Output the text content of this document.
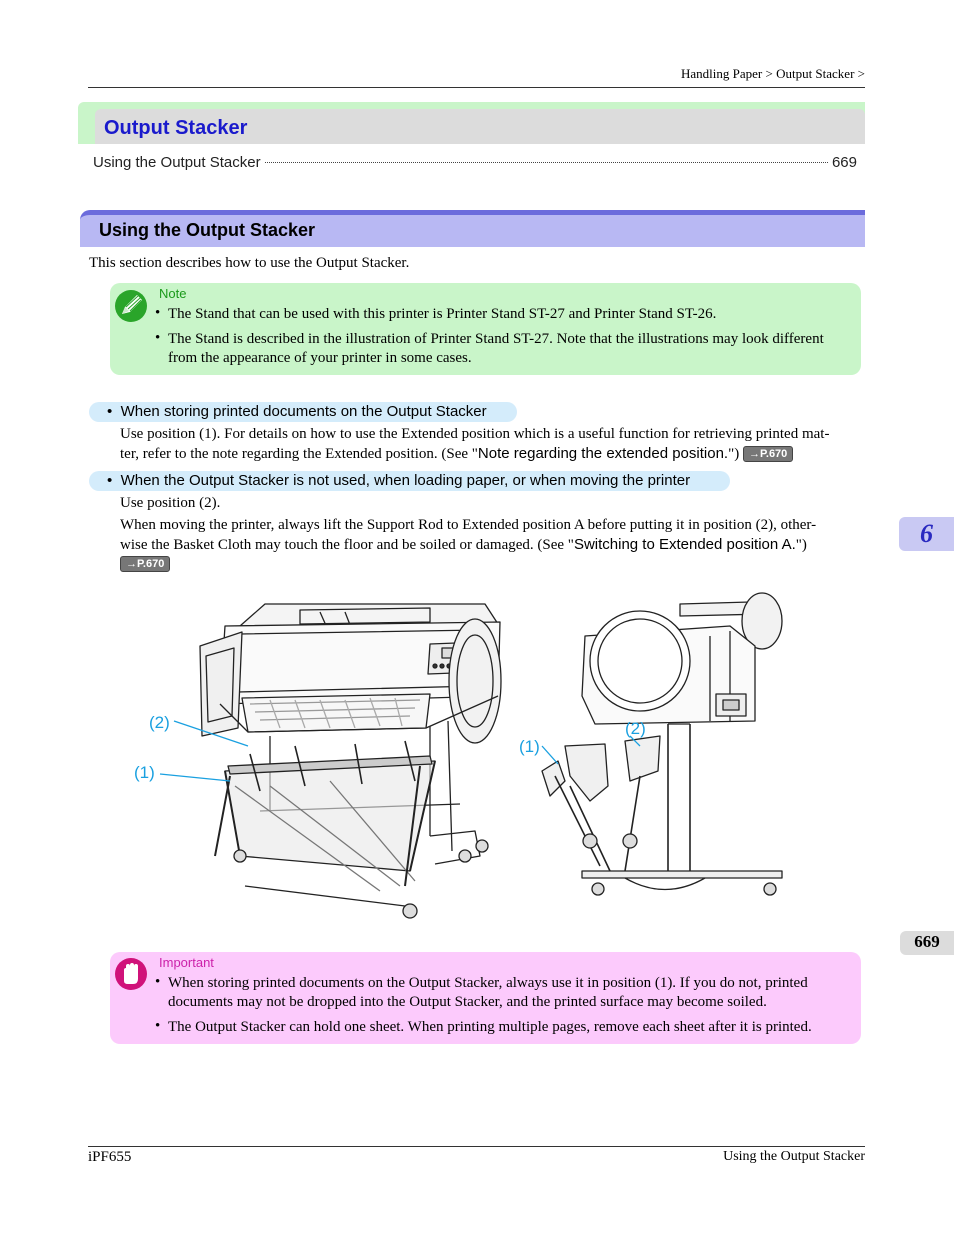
Handling Paper > Output Stacker >
Output Stacker
Using the Output Stacker	669
Using the Output Stacker
This section describes how to use the Output Stacker.
Note
• The Stand that can be used with this printer is Printer Stand ST-27 and Printer Stand ST-26.
• The Stand is described in the illustration of Printer Stand ST-27. Note that the illustrations may look different
from the appearance of your printer in some cases.
•  When storing printed documents on the Output Stacker
Use position (1). For details on how to use the Extended position which is a useful function for retrieving printed mat-
ter, refer to the note regarding the Extended position. (See "Note regarding the extended position.") →P.670
•  When the Output Stacker is not used, when loading paper, or when moving the printer
Use position (2).
When moving the printer, always lift the Support Rod to Extended position A before putting it in position (2), other-
wise the Basket Cloth may touch the floor and be soiled or damaged. (See "Switching to Extended position A.")
→P.670
6
(2)
(1)
(1)
(2)
669
Important
• When storing printed documents on the Output Stacker, always use it in position (1). If you do not, printed
documents may not be dropped into the Output Stacker, and the printed surface may become soiled.
• The Output Stacker can hold one sheet. When printing multiple pages, remove each sheet after it is printed.
iPF655	Using the Output Stacker
